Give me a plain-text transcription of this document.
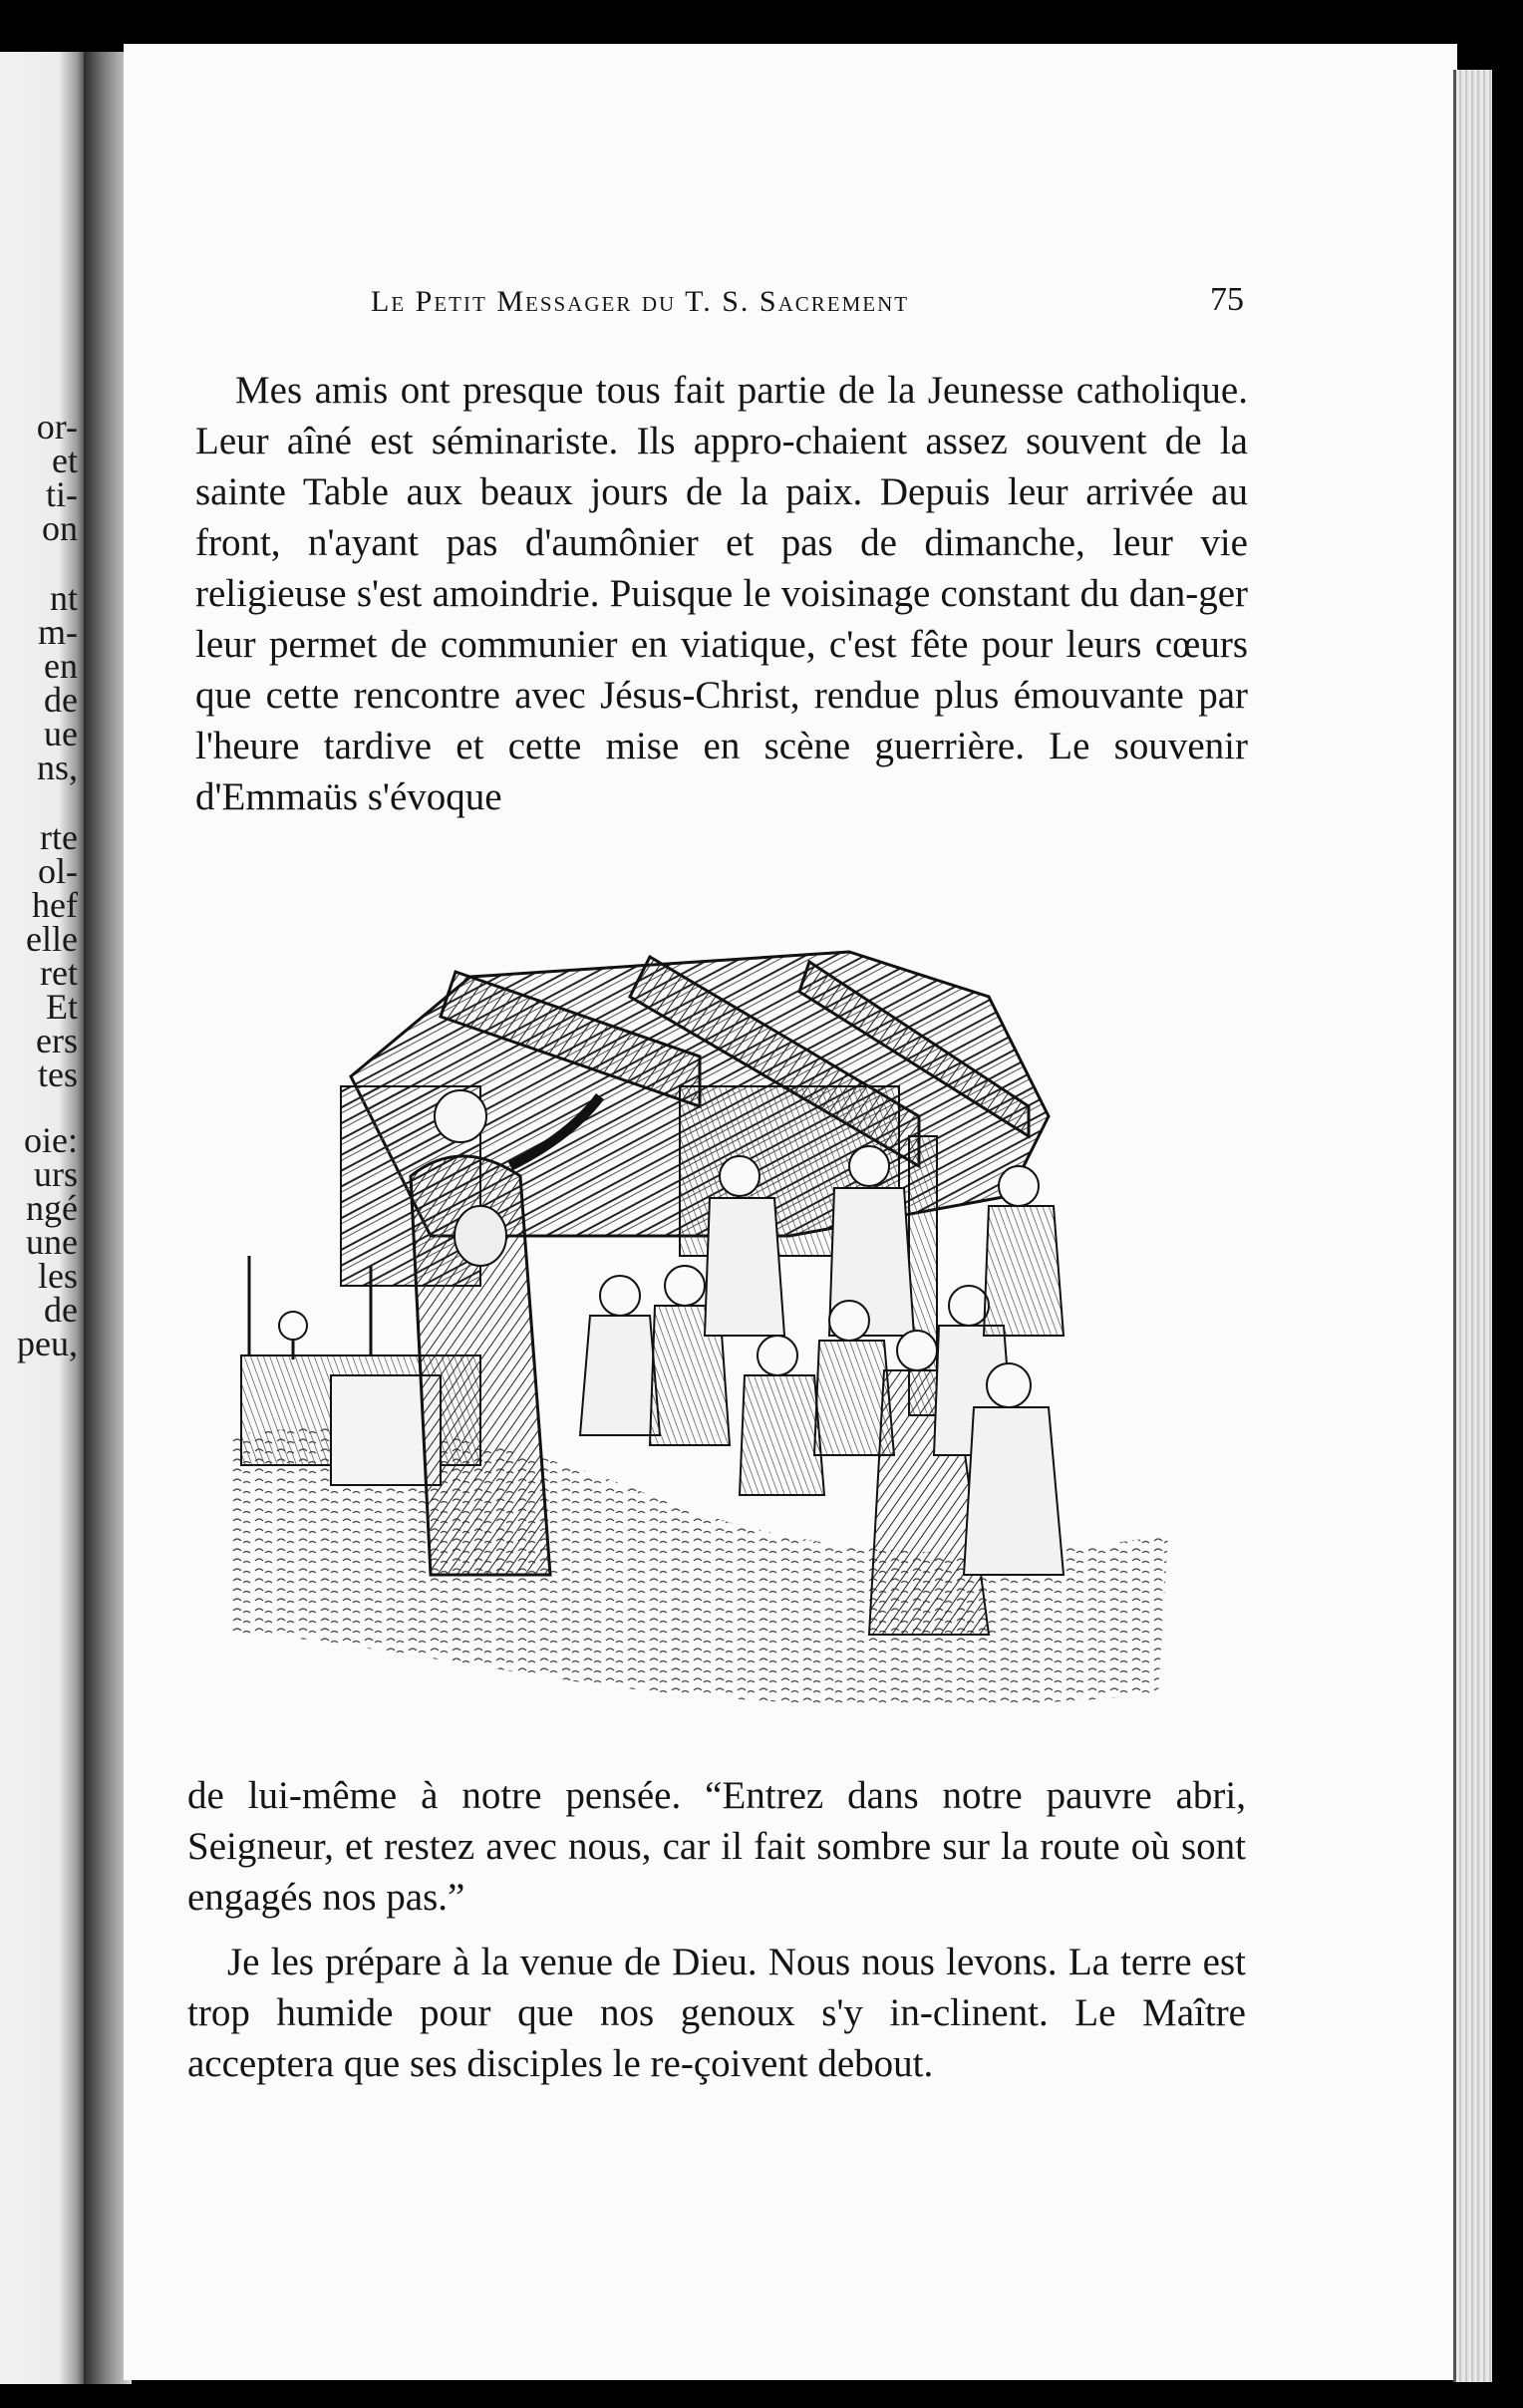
or-
et
ti-
on
nt
m-
en
de
ue
ns,
rte
ol-
hef
elle
ret
Et
ers
tes
oie:
urs
ngé
une
les
de
peu,
Le Petit Messager du T. S. Sacrement	75

Mes amis ont presque tous fait partie de la Jeunesse catholique. Leur aîné est séminariste. Ils appro-chaient assez souvent de la sainte Table aux beaux jours de la paix. Depuis leur arrivée au front, n'ayant pas d'aumônier et pas de dimanche, leur vie religieuse s'est amoindrie. Puisque le voisinage constant du dan-ger leur permet de communier en viatique, c'est fête pour leurs cœurs que cette rencontre avec Jésus-Christ, rendue plus émouvante par l'heure tardive et cette mise en scène guerrière. Le souvenir d'Emmaüs s'évoque

de lui-même à notre pensée. “Entrez dans notre pauvre abri, Seigneur, et restez avec nous, car il fait sombre sur la route où sont engagés nos pas.”

Je les prépare à la venue de Dieu. Nous nous levons. La terre est trop humide pour que nos genoux s'y in-clinent. Le Maître acceptera que ses disciples le re-çoivent debout.
